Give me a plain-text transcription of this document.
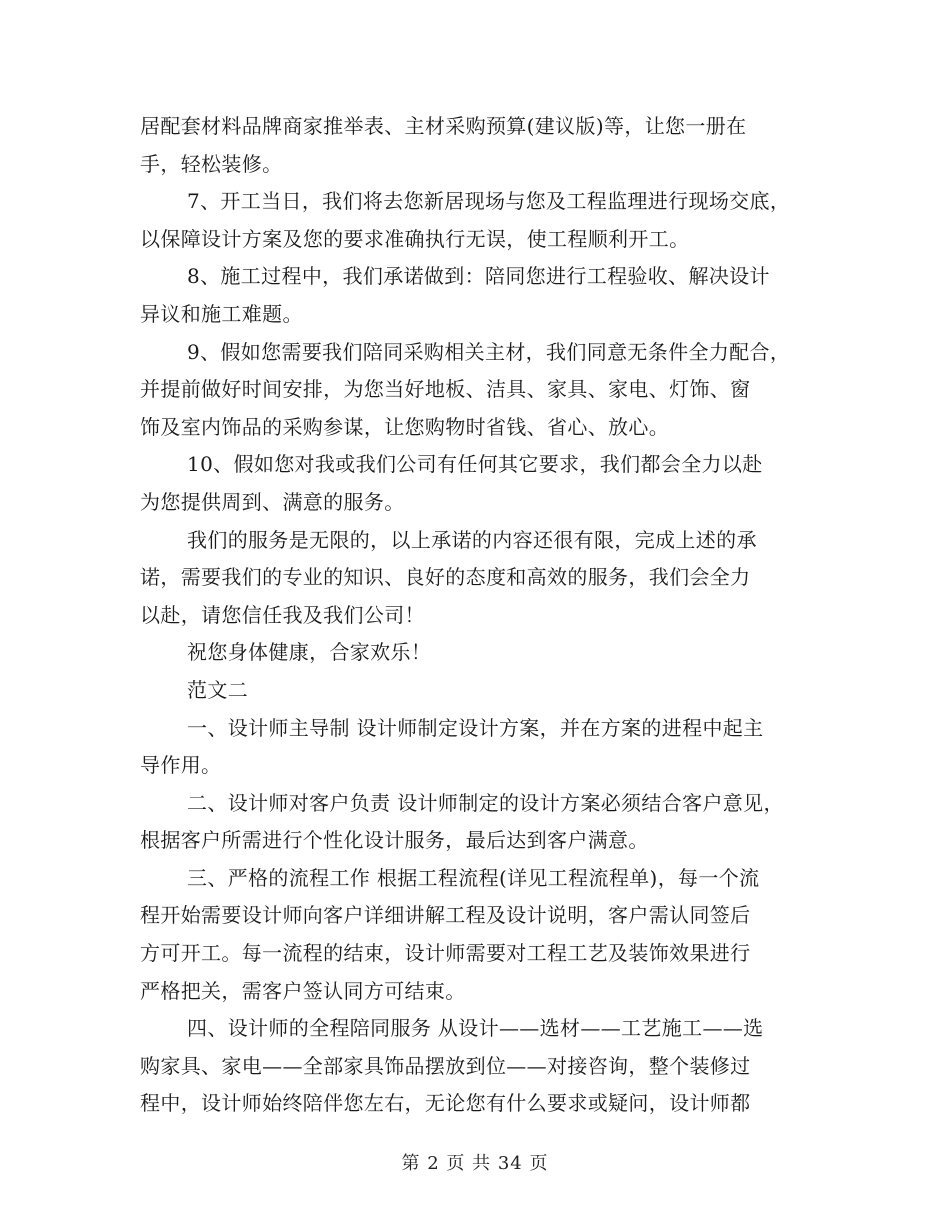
居配套材料品牌商家推举表、主材采购预算(建议版)等，让您一册在
手，轻松装修。
7、开工当日，我们将去您新居现场与您及工程监理进行现场交底，
以保障设计方案及您的要求准确执行无误，使工程顺利开工。
8、施工过程中，我们承诺做到：陪同您进行工程验收、解决设计
异议和施工难题。
9、假如您需要我们陪同采购相关主材，我们同意无条件全力配合，
并提前做好时间安排，为您当好地板、洁具、家具、家电、灯饰、窗
饰及室内饰品的采购参谋，让您购物时省钱、省心、放心。
10、假如您对我或我们公司有任何其它要求，我们都会全力以赴
为您提供周到、满意的服务。
我们的服务是无限的，以上承诺的内容还很有限，完成上述的承
诺，需要我们的专业的知识、良好的态度和高效的服务，我们会全力
以赴，请您信任我及我们公司！
祝您身体健康，合家欢乐！
范文二
一、设计师主导制 设计师制定设计方案，并在方案的进程中起主
导作用。
二、设计师对客户负责 设计师制定的设计方案必须结合客户意见，
根据客户所需进行个性化设计服务，最后达到客户满意。
三、严格的流程工作 根据工程流程(详见工程流程单)，每一个流
程开始需要设计师向客户详细讲解工程及设计说明，客户需认同签后
方可开工。每一流程的结束，设计师需要对工程工艺及装饰效果进行
严格把关，需客户签认同方可结束。
四、设计师的全程陪同服务 从设计——选材——工艺施工——选
购家具、家电——全部家具饰品摆放到位——对接咨询，整个装修过
程中，设计师始终陪伴您左右，无论您有什么要求或疑问，设计师都
第 2 页 共 34 页
